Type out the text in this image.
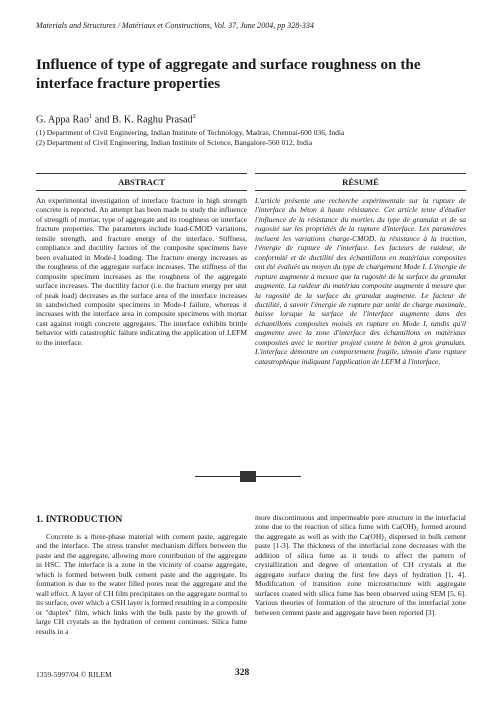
Materials and Structures / Matériaux et Constructions, Vol. 37, June 2004, pp 328-334
Influence of type of aggregate and surface roughness on the interface fracture properties
G. Appa Rao$^1$ and B. K. Raghu Prasad$^2$
(1) Department of Civil Engineering, Indian Institute of Technology, Madras, Chennai-600 036, India
(2) Department of Civil Engineering, Indian Institute of Science, Bangalore-560 012, India
ABSTRACT
An experimental investigation of interface fracture in high strength concrete is reported. An attempt has been made to study the influence of strength of mortar, type of aggregate and its roughness on interface fracture properties. The parameters include load-CMOD variations, tensile strength, and fracture energy of the interface. Stiffness, compliance and ductility factors of the composite specimens have been evaluated in Mode-I loading. The fracture energy increases as the roughness of the aggregate surface increases. The stiffness of the composite specimen increases as the roughness of the aggregate surface increases. The ductility factor (i.e. the fracture energy per unit of peak load) decreases as the surface area of the interface increases in sandwiched composite specimens in Mode-I failure, whereas it increases with the interface area in composite specimens with mortar cast against rough concrete aggregates. The interface exhibits brittle behavior with catastrophic failure indicating the application of LEFM to the interface.
RÉSUMÉ
L'article présente une recherche expérimentale sur la rupture de l'interface du béton à haute résistance. Cet article tente d'étudier l'influence de la résistance du mortier, du type de granulat et de sa rugosité sur les propriétés de la rupture d'interface. Les paramètres incluent les variations charge-CMOD, la résistance à la traction, l'énergie de rupture de l'interface. Les facteurs de raideur, de conformité et de ductilité des échantillons en matériaux composites ont été évalués au moyen du type de chargement Mode I. L'énergie de rupture augmente à mesure que la rugosité de la surface du granulat augmente. La raideur du matériau composite augmente à mesure que la rugosité de la surface du granulat augmente. Le facteur de ductilité, à savoir l'énergie de rupture par unité de charge maximale, baisse lorsque la surface de l'interface augmente dans des échantillons composites moisés en rupture en Mode I, tandis qu'il augmente avec la zone d'interface des échantillons en matériaux composites avec le mortier projeté contre le béton à gros granulats. L'interface démontre un comportement fragile, témoin d'une rupture catastrophique indiquant l'application de LEFM à l'interface.
1. INTRODUCTION
Concrete is a three-phase material with cement paste, aggregate and the interface. The stress transfer mechanism differs between the paste and the aggregate, allowing more contribution of the aggregate in HSC. The interface is a zone in the vicinity of coarse aggregate, which is formed between bulk cement paste and the aggregate. Its formation is due to the water filled pores near the aggregate and the wall effect. A layer of CH film precipitates on the aggregate normal to its surface, over which a CSH layer is formed resulting in a composite or "duplex" film, which links with the bulk paste by the growth of large CH crystals as the hydration of cement continues. Silica fume results in a
more discontinuous and impermeable pore structure in the interfacial zone due to the reaction of silica fume with Ca(OH)₂ formed around the aggregate as well as with the Ca(OH)₂ dispersed in bulk cement paste [1-3]. The thickness of the interfacial zone decreases with the addition of silica fume as it tends to affect the pattern of crystallization and degree of orientation of CH crystals at the aggregate surface during the first few days of hydration [1, 4]. Modification of transition zone microstructure with aggregate surfaces coated with silica fume has been observed using SEM [5, 6]. Various theories of formation of the structure of the interfacial zone between cement paste and aggregate have been reported [3].
1359-5997/04 © RILEM	328
